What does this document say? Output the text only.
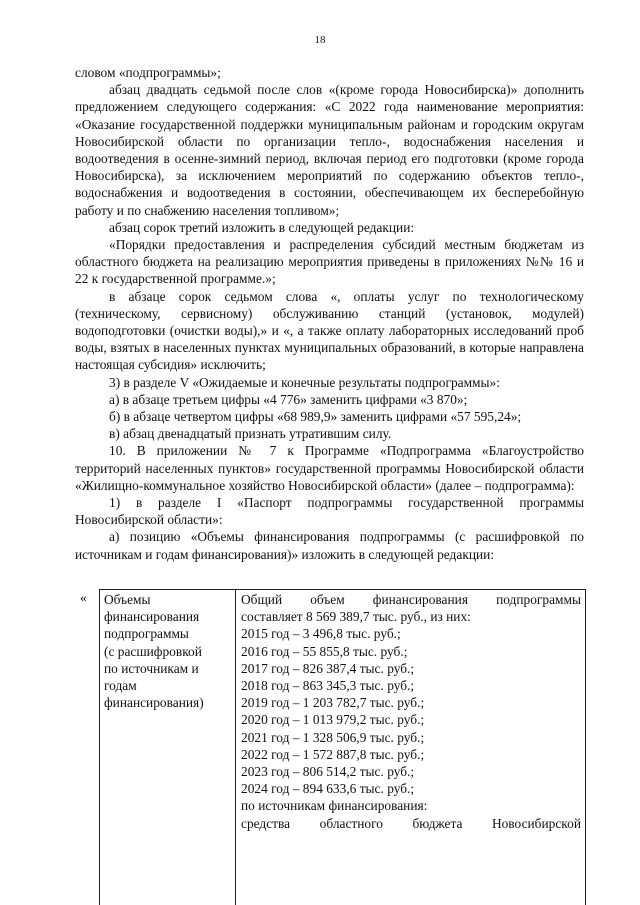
18

словом «подпрограммы»;

абзац двадцать седьмой после слов «(кроме города Новосибирска)» дополнить предложением следующего содержания: «С 2022 года наименование мероприятия: «Оказание государственной поддержки муниципальным районам и городским округам Новосибирской области по организации тепло-, водоснабжения населения и водоотведения в осенне-зимний период, включая период его подготовки (кроме города Новосибирска), за исключением мероприятий по содержанию объектов тепло-, водоснабжения и водоотведения в состоянии, обеспечивающем их бесперебойную работу и по снабжению населения топливом»;

абзац сорок третий изложить в следующей редакции:

«Порядки предоставления и распределения субсидий местным бюджетам из областного бюджета на реализацию мероприятия приведены в приложениях №№ 16 и 22 к государственной программе.»;

в абзаце сорок седьмом слова «, оплаты услуг по технологическому (техническому, сервисному) обслуживанию станций (установок, модулей) водоподготовки (очистки воды),» и «, а также оплату лабораторных исследований проб воды, взятых в населенных пунктах муниципальных образований, в которые направлена настоящая субсидия» исключить;

3) в разделе V «Ожидаемые и конечные результаты подпрограммы»:

а) в абзаце третьем цифры «4 776» заменить цифрами «3 870»;

б) в абзаце четвертом цифры «68 989,9» заменить цифрами «57 595,24»;

в) абзац двенадцатый признать утратившим силу.

10. В приложении № 7 к Программе «Подпрограмма «Благоустройство территорий населенных пунктов» государственной программы Новосибирской области «Жилищно-коммунальное хозяйство Новосибирской области» (далее – подпрограмма):

1) в разделе I «Паспорт подпрограммы государственной программы Новосибирской области»:

а) позицию «Объемы финансирования подпрограммы (с расшифровкой по источникам и годам финансирования)» изложить в следующей редакции:

« Объемы
финансирования
подпрограммы
(с расшифровкой
по источникам и
годам
финансирования)
Общий объем финансирования подпрограммы
составляет 8 569 389,7 тыс. руб., из них:
2015 год – 3 496,8 тыс. руб.;
2016 год – 55 855,8 тыс. руб.;
2017 год – 826 387,4 тыс. руб.;
2018 год – 863 345,3 тыс. руб.;
2019 год – 1 203 782,7 тыс. руб.;
2020 год – 1 013 979,2 тыс. руб.;
2021 год – 1 328 506,9 тыс. руб.;
2022 год – 1 572 887,8 тыс. руб.;
2023 год – 806 514,2 тыс. руб.;
2024 год – 894 633,6 тыс. руб.;
по источникам финансирования:
средства областного бюджета Новосибирской
